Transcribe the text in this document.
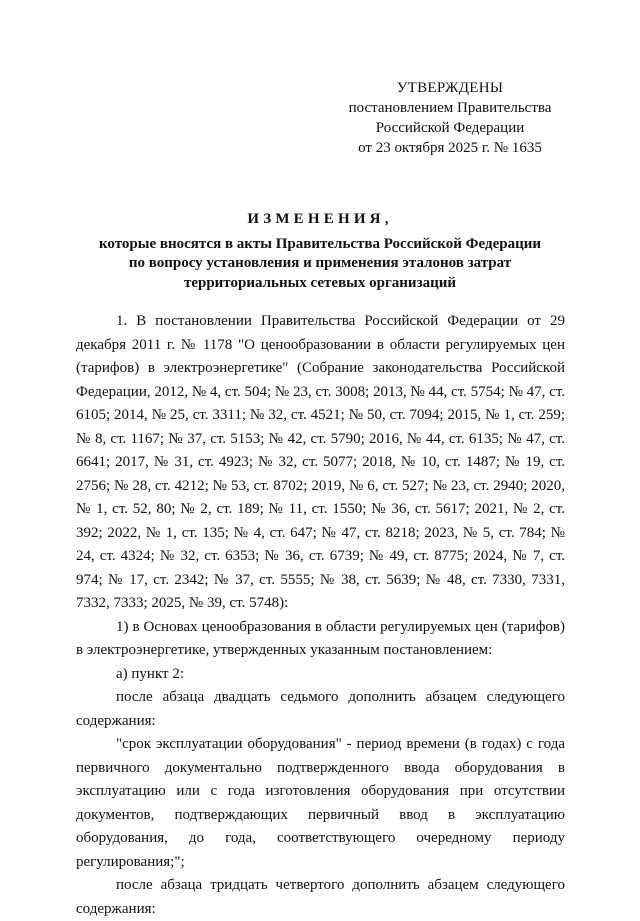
УТВЕРЖДЕНЫ
постановлением Правительства
Российской Федерации
от 23 октября 2025 г. № 1635
ИЗМЕНЕНИЯ,
которые вносятся в акты Правительства Российской Федерации
по вопросу установления и применения эталонов затрат
территориальных сетевых организаций

1. В постановлении Правительства Российской Федерации от 29 декабря 2011 г. № 1178 "О ценообразовании в области регулируемых цен (тарифов) в электроэнергетике" (Собрание законодательства Российской Федерации, 2012, № 4, ст. 504; № 23, ст. 3008; 2013, № 44, ст. 5754; № 47, ст. 6105; 2014, № 25, ст. 3311; № 32, ст. 4521; № 50, ст. 7094; 2015, № 1, ст. 259; № 8, ст. 1167; № 37, ст. 5153; № 42, ст. 5790; 2016, № 44, ст. 6135; № 47, ст. 6641; 2017, № 31, ст. 4923; № 32, ст. 5077; 2018, № 10, ст. 1487; № 19, ст. 2756; № 28, ст. 4212; № 53, ст. 8702; 2019, № 6, ст. 527; № 23, ст. 2940; 2020, № 1, ст. 52, 80; № 2, ст. 189; № 11, ст. 1550; № 36, ст. 5617; 2021, № 2, ст. 392; 2022, № 1, ст. 135; № 4, ст. 647; № 47, ст. 8218; 2023, № 5, ст. 784; № 24, ст. 4324; № 32, ст. 6353; № 36, ст. 6739; № 49, ст. 8775; 2024, № 7, ст. 974; № 17, ст. 2342; № 37, ст. 5555; № 38, ст. 5639; № 48, ст. 7330, 7331, 7332, 7333; 2025, № 39, ст. 5748):

1) в Основах ценообразования в области регулируемых цен (тарифов) в электроэнергетике, утвержденных указанным постановлением:

а) пункт 2:

после абзаца двадцать седьмого дополнить абзацем следующего содержания:

"срок эксплуатации оборудования" - период времени (в годах) с года первичного документально подтвержденного ввода оборудования в эксплуатацию или с года изготовления оборудования при отсутствии документов, подтверждающих первичный ввод в эксплуатацию оборудования, до года, соответствующего очередному периоду регулирования;";

после абзаца тридцать четвертого дополнить абзацем следующего содержания:
